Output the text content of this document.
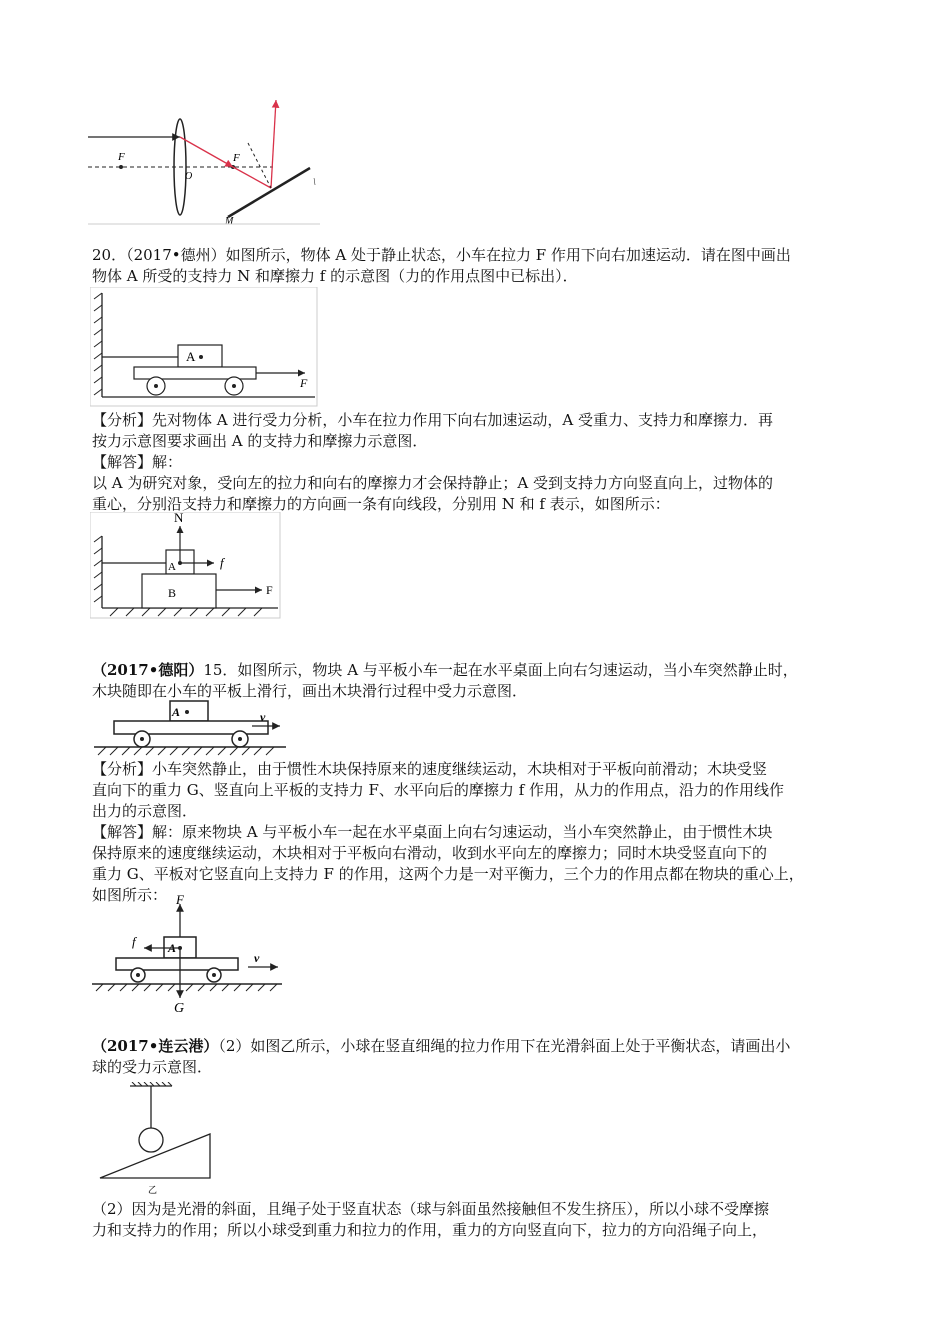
F
O
F
M
\
20．（2017•德州）如图所示，物体 A 处于静止状态，小车在拉力 F 作用下向右加速运动．请在图中画出
物体 A 所受的支持力 N 和摩擦力 f 的示意图（力的作用点图中已标出）．
A
F
【分析】先对物体 A 进行受力分析，小车在拉力作用下向右加速运动，A 受重力、支持力和摩擦力．再
按力示意图要求画出 A 的支持力和摩擦力示意图．
【解答】解：
以 A 为研究对象，受向左的拉力和向右的摩擦力才会保持静止；A 受到支持力方向竖直向上，过物体的
重心，分别沿支持力和摩擦力的方向画一条有向线段，分别用 N 和 f 表示，如图所示：
A
N
f
B	F
（2017•德阳）15．如图所示，物块 A 与平板小车一起在水平桌面上向右匀速运动，当小车突然静止时，
木块随即在小车的平板上滑行，画出木块滑行过程中受力示意图．
A	v
【分析】小车突然静止，由于惯性木块保持原来的速度继续运动，木块相对于平板向前滑动；木块受竖
直向下的重力 G、竖直向上平板的支持力 F、水平向后的摩擦力 f 作用，从力的作用点，沿力的作用线作
出力的示意图．
【解答】解：原来物块 A 与平板小车一起在水平桌面上向右匀速运动，当小车突然静止，由于惯性木块
保持原来的速度继续运动，木块相对于平板向右滑动，收到水平向左的摩擦力；同时木块受竖直向下的
重力 G、平板对它竖直向上支持力 F 的作用，这两个力是一对平衡力，三个力的作用点都在物块的重心上，
如图所示： F
A
f
v
G
（2017•连云港）（2）如图乙所示，小球在竖直细绳的拉力作用下在光滑斜面上处于平衡状态，请画出小
球的受力示意图．
乙
（2）因为是光滑的斜面，且绳子处于竖直状态（球与斜面虽然接触但不发生挤压），所以小球不受摩擦
力和支持力的作用；所以小球受到重力和拉力的作用，重力的方向竖直向下，拉力的方向沿绳子向上，
